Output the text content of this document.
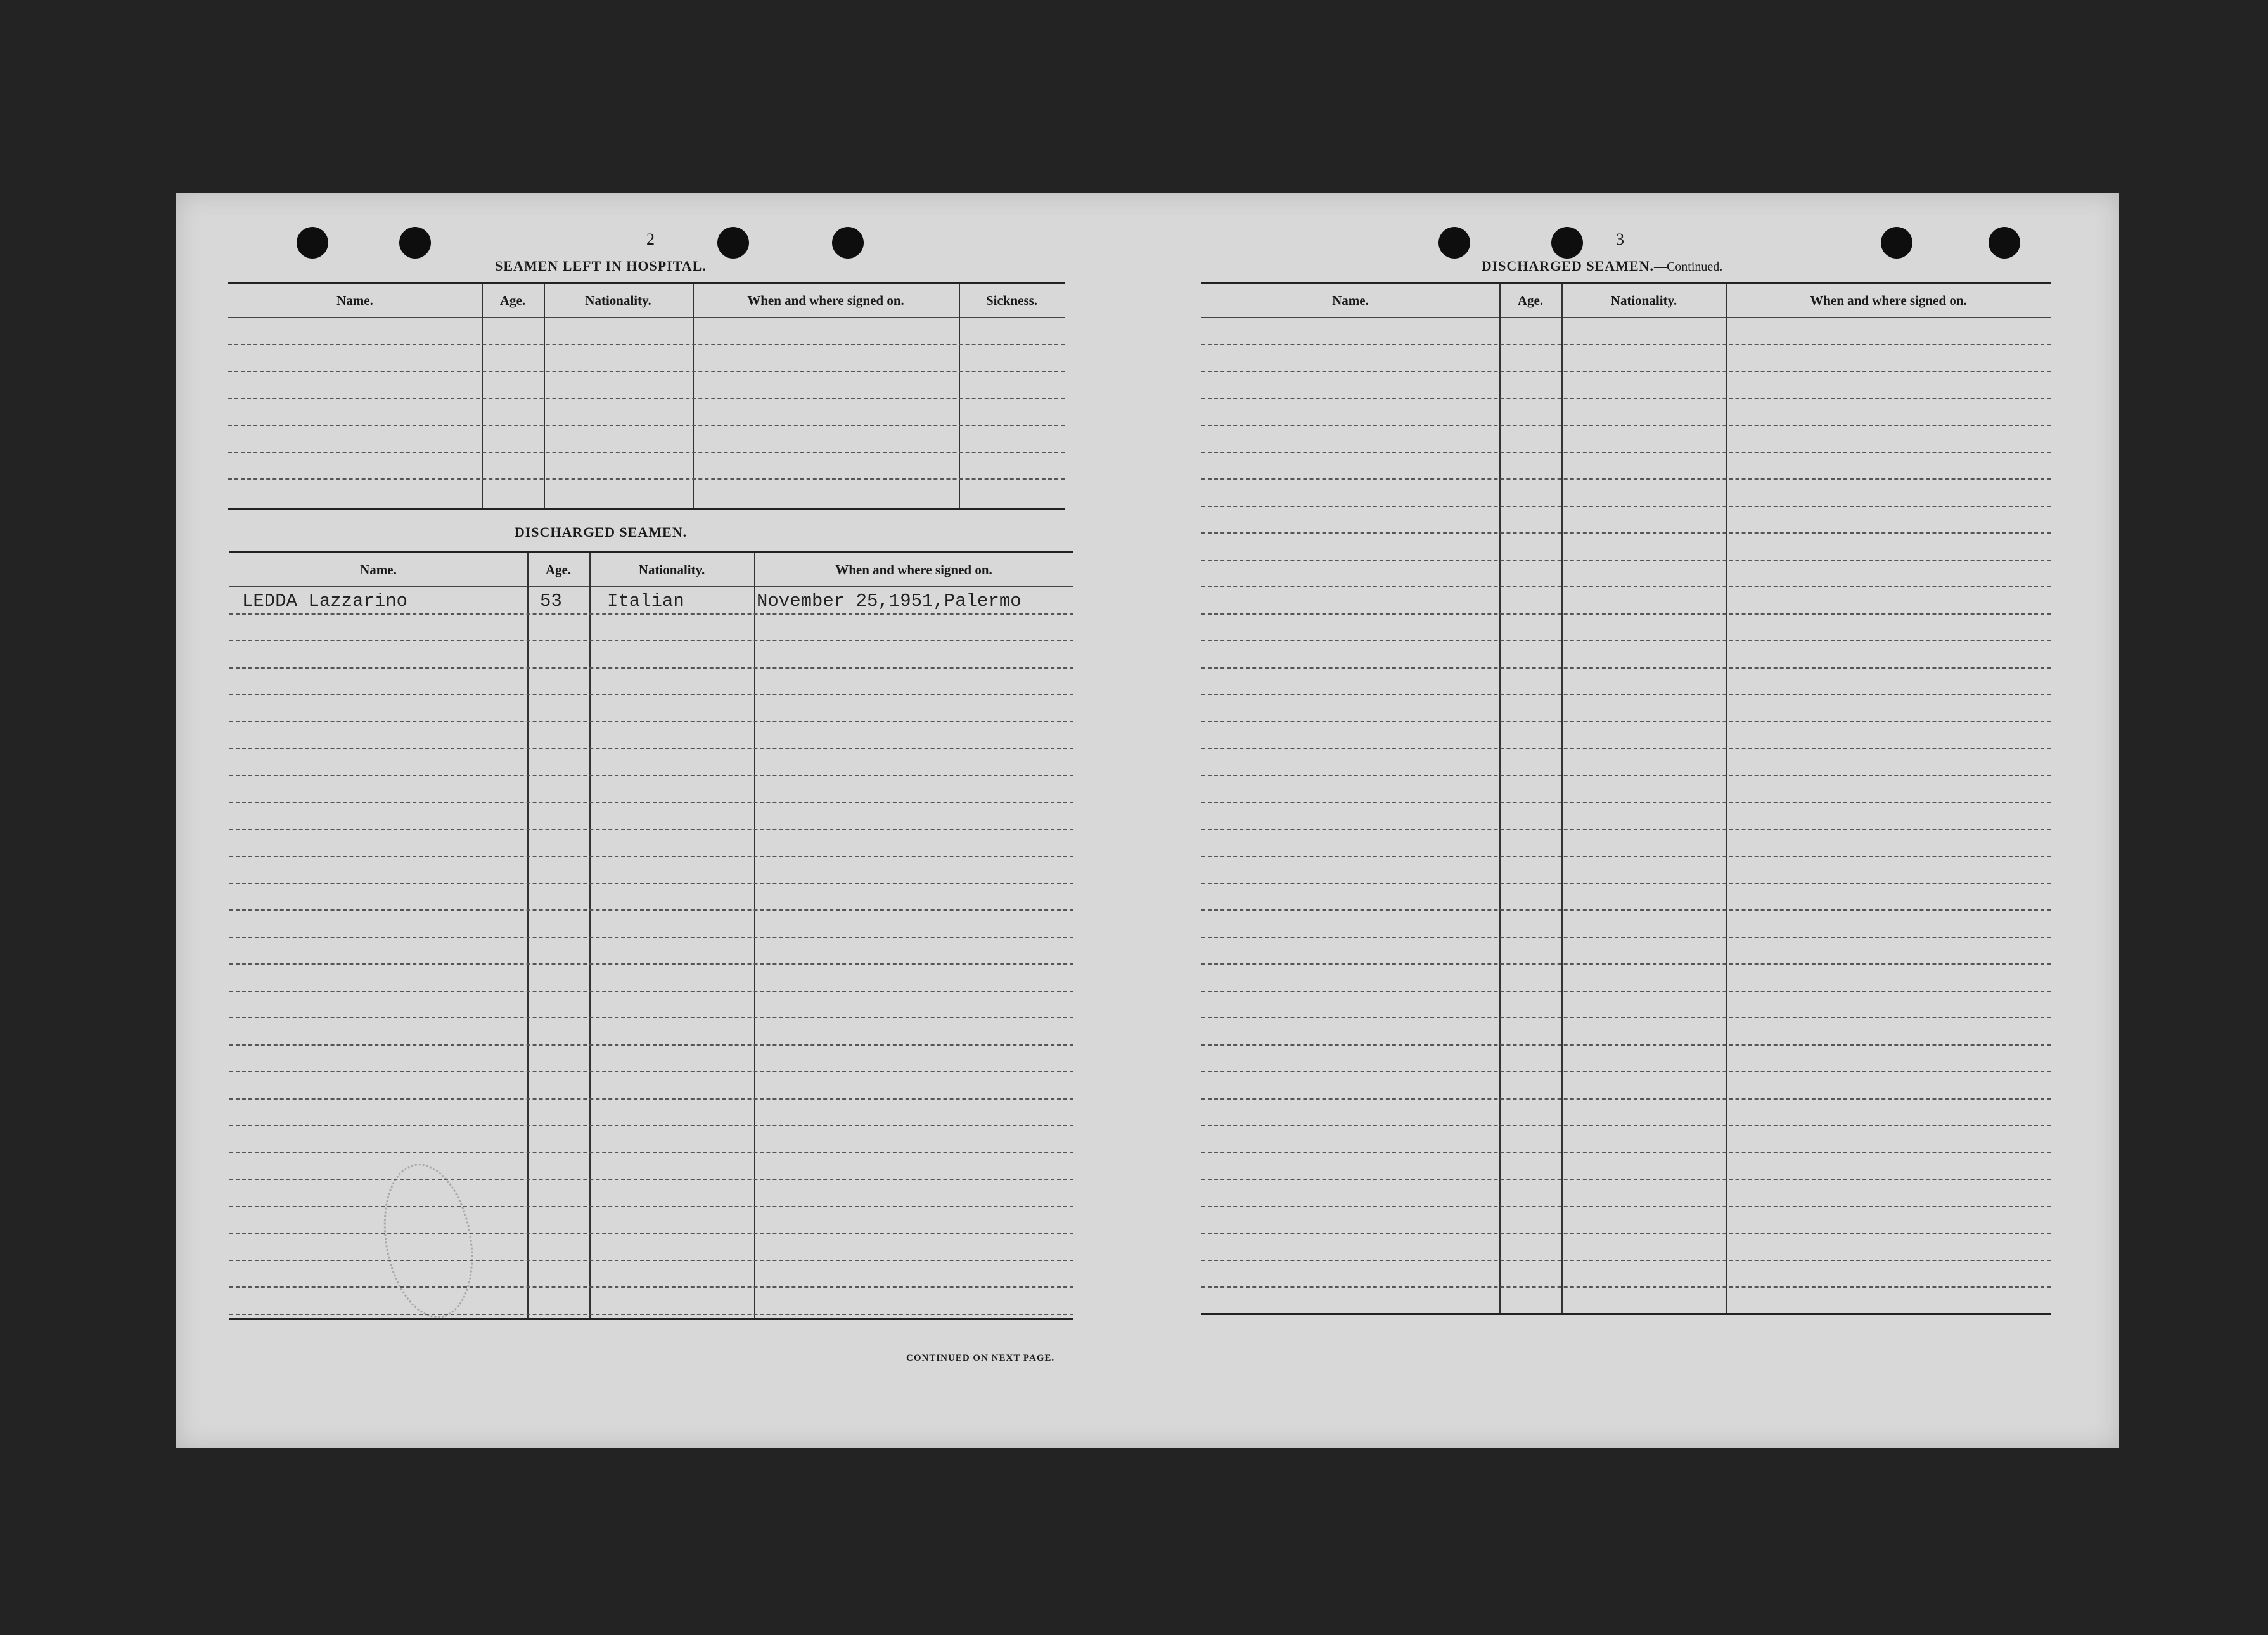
2
SEAMEN LEFT IN HOSPITAL.
Name.	Age.	Nationality.	When and where signed on.	Sickness.
DISCHARGED SEAMEN.
Name.	Age.	Nationality.	When and where signed on.
LEDDA Lazzarino	53 Italian	November 25,1951,Palermo
CONTINUED ON NEXT PAGE.
3
DISCHARGED SEAMEN.—Continued.
Name.	Age.	Nationality.	When and where signed on.
